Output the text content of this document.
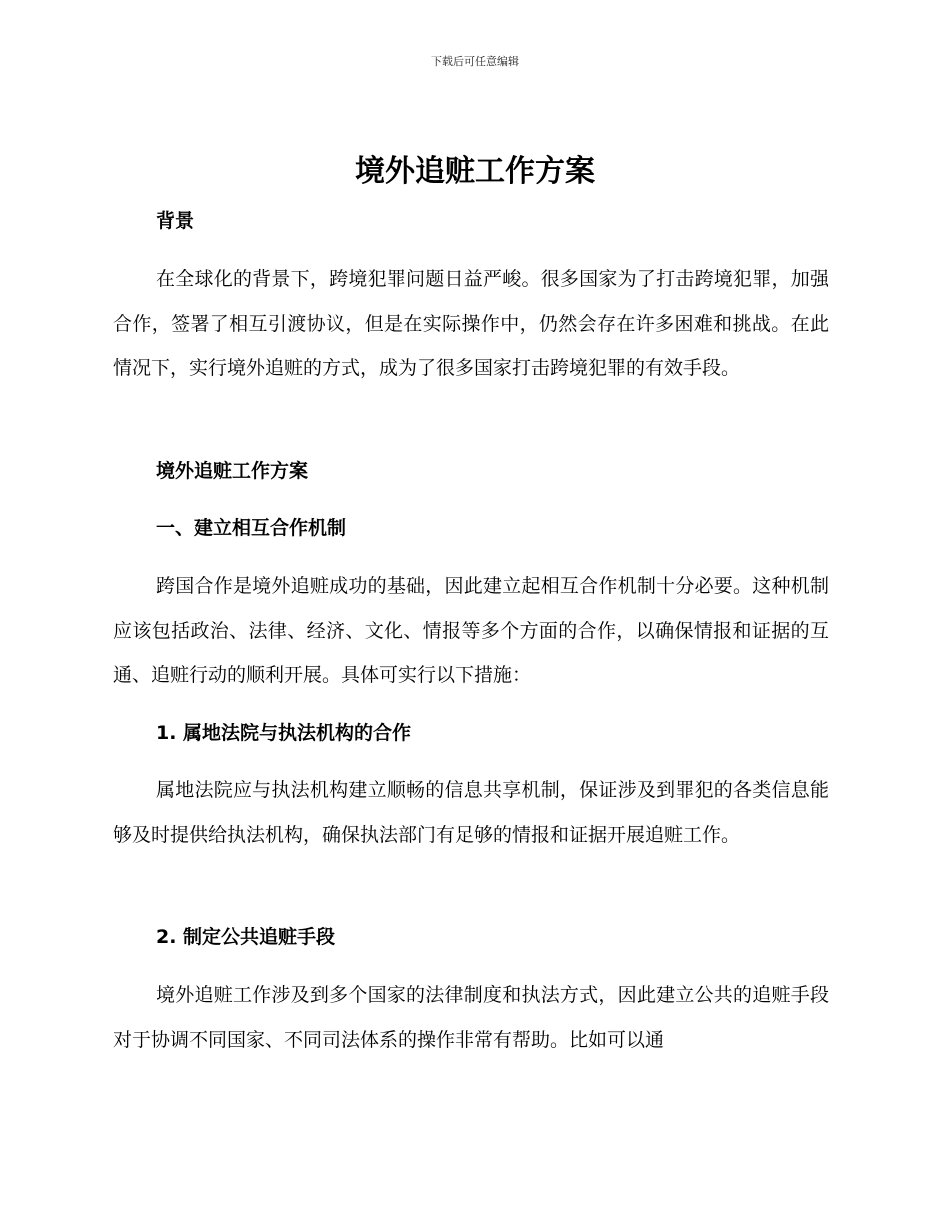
下载后可任意编辑
境外追赃工作方案
背景

在全球化的背景下，跨境犯罪问题日益严峻。很多国家为了打击跨境犯罪，加强合作，签署了相互引渡协议，但是在实际操作中，仍然会存在许多困难和挑战。在此情况下，实行境外追赃的方式，成为了很多国家打击跨境犯罪的有效手段。

境外追赃工作方案
一、建立相互合作机制

跨国合作是境外追赃成功的基础，因此建立起相互合作机制十分必要。这种机制应该包括政治、法律、经济、文化、情报等多个方面的合作，以确保情报和证据的互通、追赃行动的顺利开展。具体可实行以下措施：

1. 属地法院与执法机构的合作

属地法院应与执法机构建立顺畅的信息共享机制，保证涉及到罪犯的各类信息能够及时提供给执法机构，确保执法部门有足够的情报和证据开展追赃工作。

2. 制定公共追赃手段

境外追赃工作涉及到多个国家的法律制度和执法方式，因此建立公共的追赃手段对于协调不同国家、不同司法体系的操作非常有帮助。比如可以通
